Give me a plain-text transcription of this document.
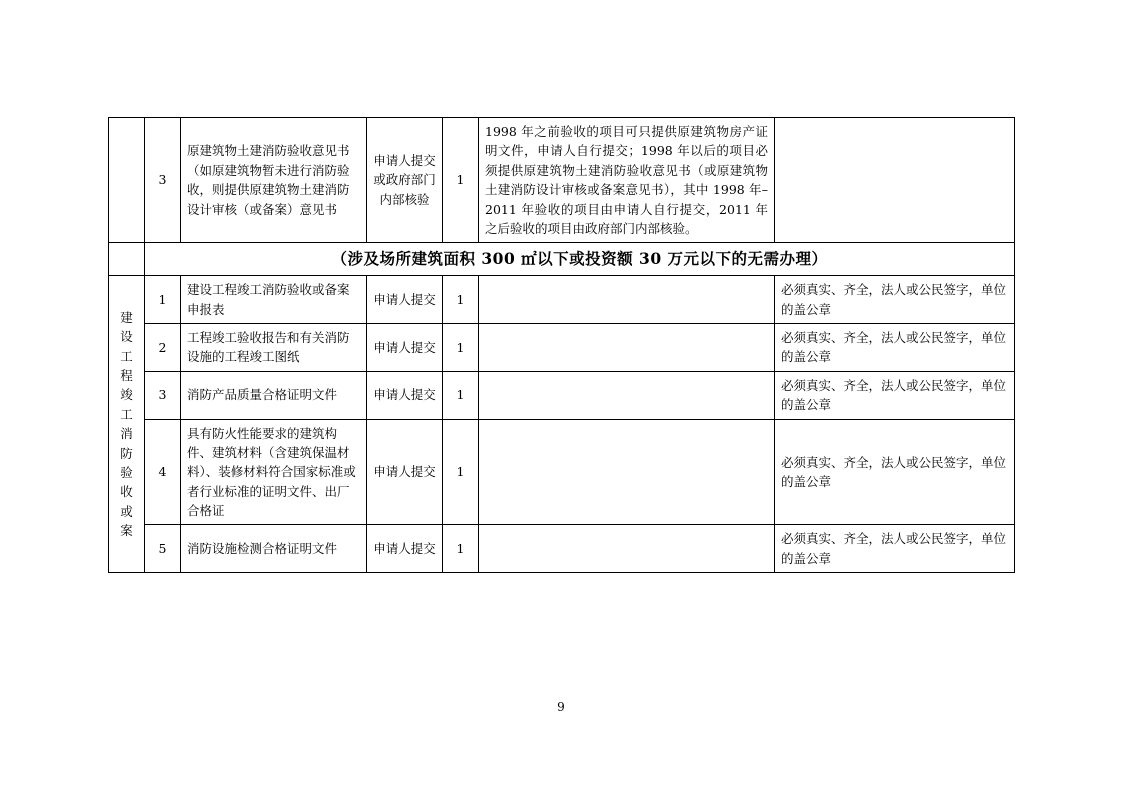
	3	原建筑物土建消防验收意见书（如原建筑物暂未进行消防验收，则提供原建筑物土建消防设计审核（或备案）意见书	申请人提交或政府部门内部核验	1	1998 年之前验收的项目可只提供原建筑物房产证明文件，申请人自行提交；1998 年以后的项目必须提供原建筑物土建消防验收意见书（或原建筑物土建消防设计审核或备案意见书），其中 1998 年–2011 年验收的项目由申请人自行提交，2011 年之后验收的项目由政府部门内部核验。	
	（涉及场所建筑面积 300 ㎡以下或投资额 30 万元以下的无需办理）					

建
设
工
程
竣
工
消
防
验
收
或
案
	1	建设工程竣工消防验收或备案申报表	申请人提交	1		必须真实、齐全，法人或公民签字，单位的盖公章
	2	工程竣工验收报告和有关消防设施的工程竣工图纸	申请人提交	1		必须真实、齐全，法人或公民签字，单位的盖公章
	3	消防产品质量合格证明文件	申请人提交	1		必须真实、齐全，法人或公民签字，单位的盖公章
	4	具有防火性能要求的建筑构件、建筑材料（含建筑保温材料）、装修材料符合国家标准或者行业标准的证明文件、出厂合格证	申请人提交	1		必须真实、齐全，法人或公民签字，单位的盖公章
	5	消防设施检测合格证明文件	申请人提交	1		必须真实、齐全，法人或公民签字，单位的盖公章
9
